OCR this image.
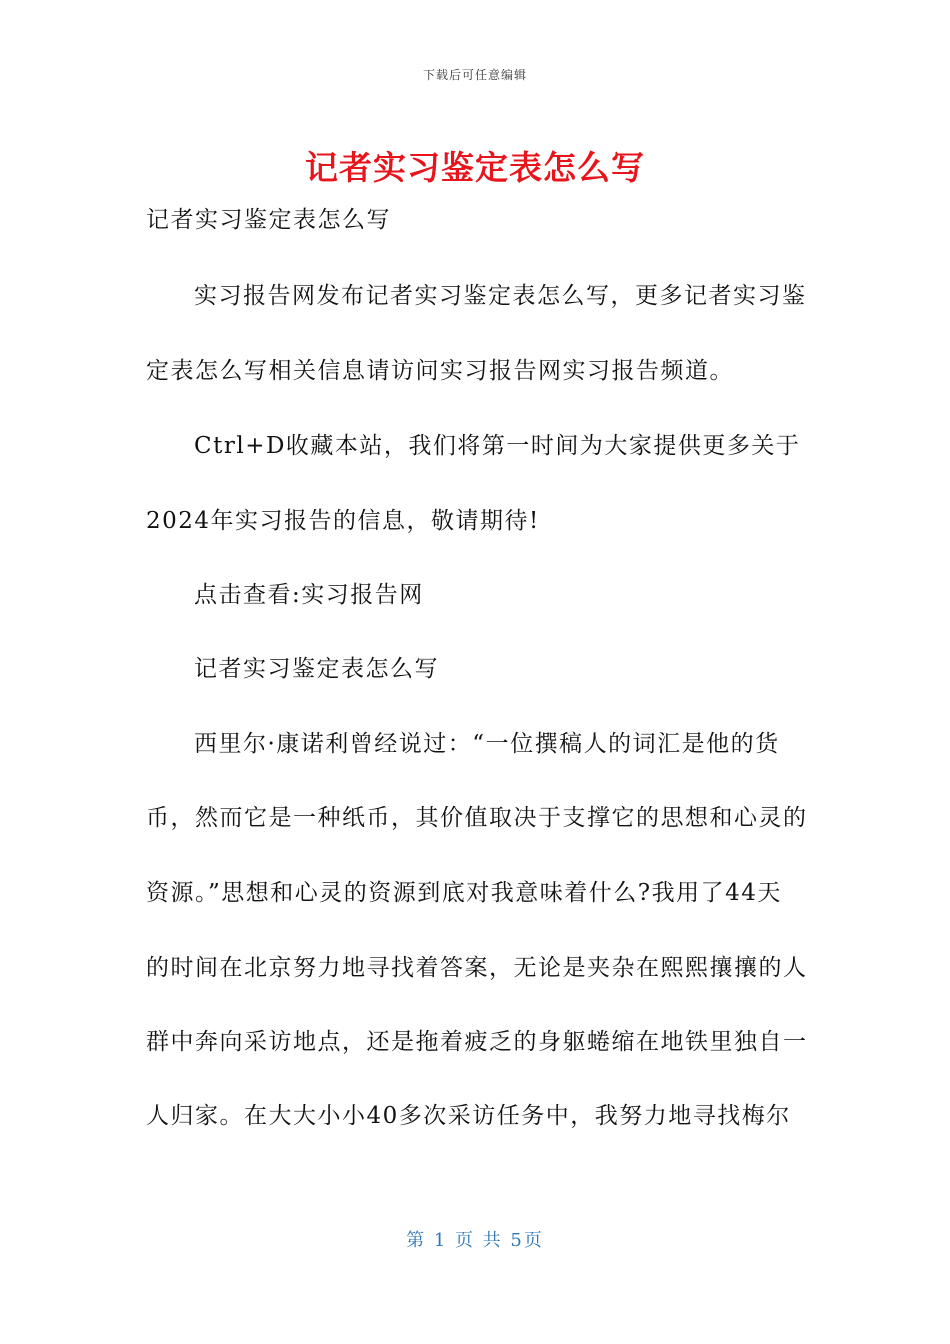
下载后可任意编辑
记者实习鉴定表怎么写
记者实习鉴定表怎么写
实习报告网发布记者实习鉴定表怎么写，更多记者实习鉴
定表怎么写相关信息请访问实习报告网实习报告频道。
Ctrl+D收藏本站，我们将第一时间为大家提供更多关于
2024年实习报告的信息，敬请期待!
点击查看:实习报告网
记者实习鉴定表怎么写
西里尔·康诺利曾经说过：“一位撰稿人的词汇是他的货
币，然而它是一种纸币，其价值取决于支撑它的思想和心灵的
资源。”思想和心灵的资源到底对我意味着什么?我用了44天
的时间在北京努力地寻找着答案，无论是夹杂在熙熙攘攘的人
群中奔向采访地点，还是拖着疲乏的身躯蜷缩在地铁里独自一
人归家。在大大小小40多次采访任务中，我努力地寻找梅尔
第 1 页 共 5页
